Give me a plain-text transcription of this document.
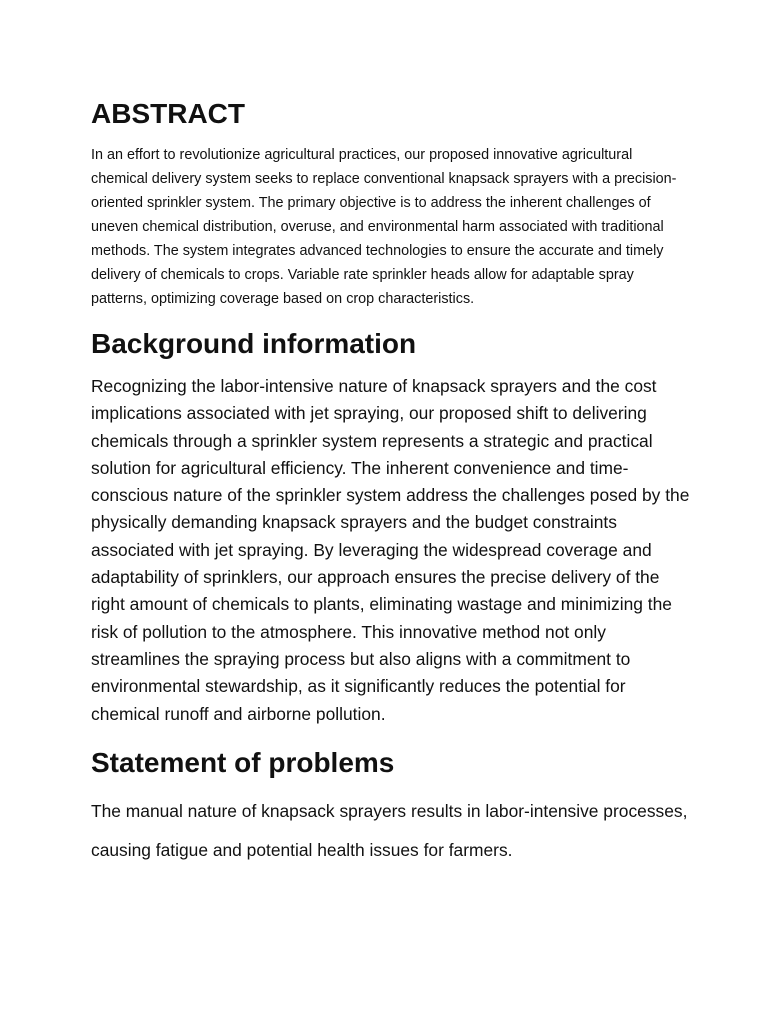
ABSTRACT

In an effort to revolutionize agricultural practices, our proposed innovative agricultural chemical delivery system seeks to replace conventional knapsack sprayers with a precision-oriented sprinkler system. The primary objective is to address the inherent challenges of uneven chemical distribution, overuse, and environmental harm associated with traditional methods. The system integrates advanced technologies to ensure the accurate and timely delivery of chemicals to crops. Variable rate sprinkler heads allow for adaptable spray patterns, optimizing coverage based on crop characteristics.

Background information

Recognizing the labor-intensive nature of knapsack sprayers and the cost implications associated with jet spraying, our proposed shift to delivering chemicals through a sprinkler system represents a strategic and practical solution for agricultural efficiency. The inherent convenience and time-conscious nature of the sprinkler system address the challenges posed by the physically demanding knapsack sprayers and the budget constraints associated with jet spraying. By leveraging the widespread coverage and adaptability of sprinklers, our approach ensures the precise delivery of the right amount of chemicals to plants, eliminating wastage and minimizing the risk of pollution to the atmosphere. This innovative method not only streamlines the spraying process but also aligns with a commitment to environmental stewardship, as it significantly reduces the potential for chemical runoff and airborne pollution.

Statement of problems

The manual nature of knapsack sprayers results in labor-intensive processes, causing fatigue and potential health issues for farmers.
